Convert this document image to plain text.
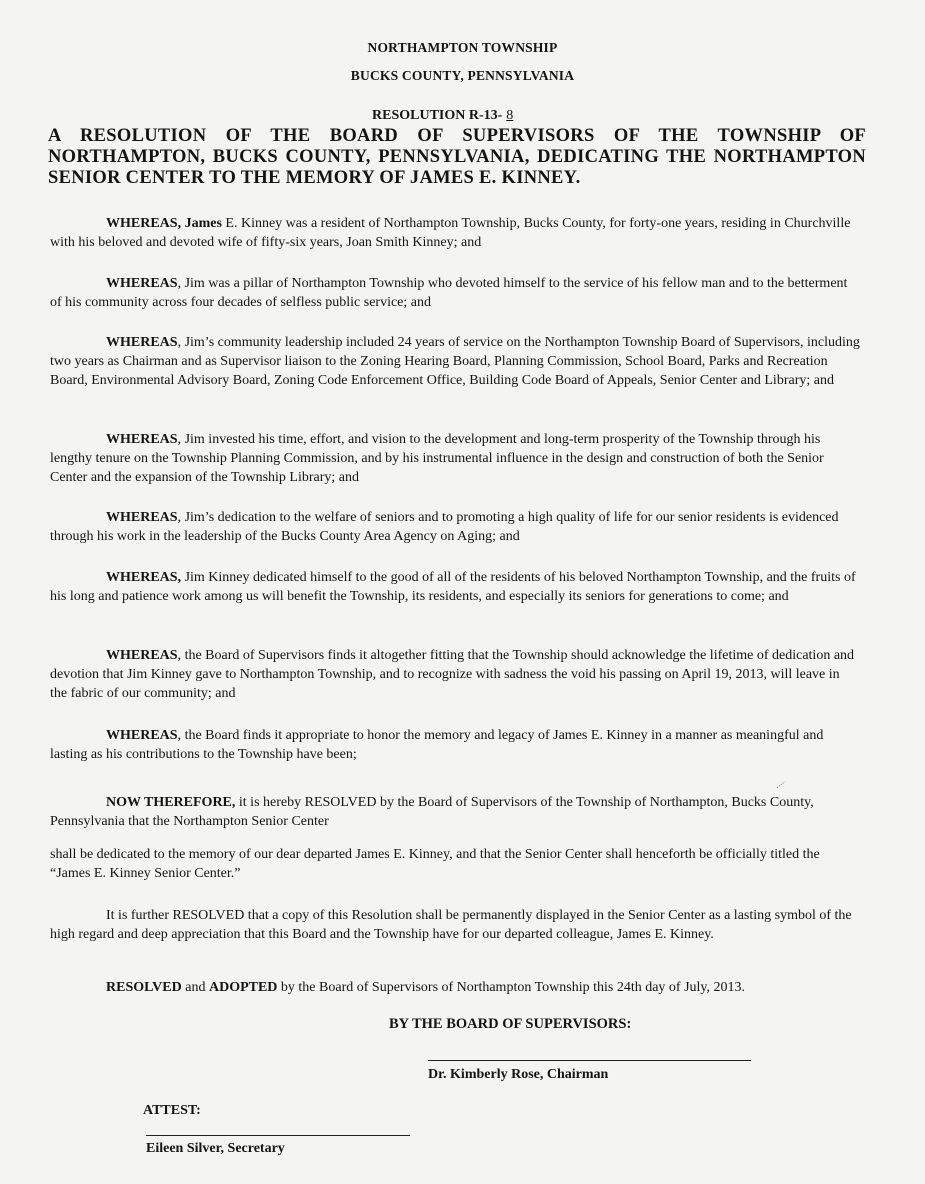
NORTHAMPTON TOWNSHIP
BUCKS COUNTY, PENNSYLVANIA
RESOLUTION R-13- 8
A RESOLUTION OF THE BOARD OF SUPERVISORS OF THE TOWNSHIP OF NORTHAMPTON, BUCKS COUNTY, PENNSYLVANIA, DEDICATING THE NORTHAMPTON SENIOR CENTER TO THE MEMORY OF JAMES E. KINNEY.
WHEREAS, James E. Kinney was a resident of Northampton Township, Bucks County, for forty-one years, residing in Churchville with his beloved and devoted wife of fifty-six years, Joan Smith Kinney; and
WHEREAS, Jim was a pillar of Northampton Township who devoted himself to the service of his fellow man and to the betterment of his community across four decades of selfless public service; and
WHEREAS, Jim’s community leadership included 24 years of service on the Northampton Township Board of Supervisors, including two years as Chairman and as Supervisor liaison to the Zoning Hearing Board, Planning Commission, School Board, Parks and Recreation Board, Environmental Advisory Board, Zoning Code Enforcement Office, Building Code Board of Appeals, Senior Center and Library; and
WHEREAS, Jim invested his time, effort, and vision to the development and long-term prosperity of the Township through his lengthy tenure on the Township Planning Commission, and by his instrumental influence in the design and construction of both the Senior Center and the expansion of the Township Library; and
WHEREAS, Jim’s dedication to the welfare of seniors and to promoting a high quality of life for our senior residents is evidenced through his work in the leadership of the Bucks County Area Agency on Aging; and
WHEREAS, Jim Kinney dedicated himself to the good of all of the residents of his beloved Northampton Township, and the fruits of his long and patience work among us will benefit the Township, its residents, and especially its seniors for generations to come; and
WHEREAS, the Board of Supervisors finds it altogether fitting that the Township should acknowledge the lifetime of dedication and devotion that Jim Kinney gave to Northampton Township, and to recognize with sadness the void his passing on April 19, 2013, will leave in the fabric of our community; and
WHEREAS, the Board finds it appropriate to honor the memory and legacy of James E. Kinney in a manner as meaningful and lasting as his contributions to the Township have been;
NOW THEREFORE, it is hereby RESOLVED by the Board of Supervisors of the Township of Northampton, Bucks County, Pennsylvania that the Northampton Senior Center
shall be dedicated to the memory of our dear departed James E. Kinney, and that the Senior Center shall henceforth be officially titled the “James E. Kinney Senior Center.”
It is further RESOLVED that a copy of this Resolution shall be permanently displayed in the Senior Center as a lasting symbol of the high regard and deep appreciation that this Board and the Township have for our departed colleague, James E. Kinney.
RESOLVED and ADOPTED by the Board of Supervisors of Northampton Township this 24th day of July, 2013.
BY THE BOARD OF SUPERVISORS:
Dr. Kimberly Rose, Chairman
ATTEST:
Eileen Silver, Secretary
